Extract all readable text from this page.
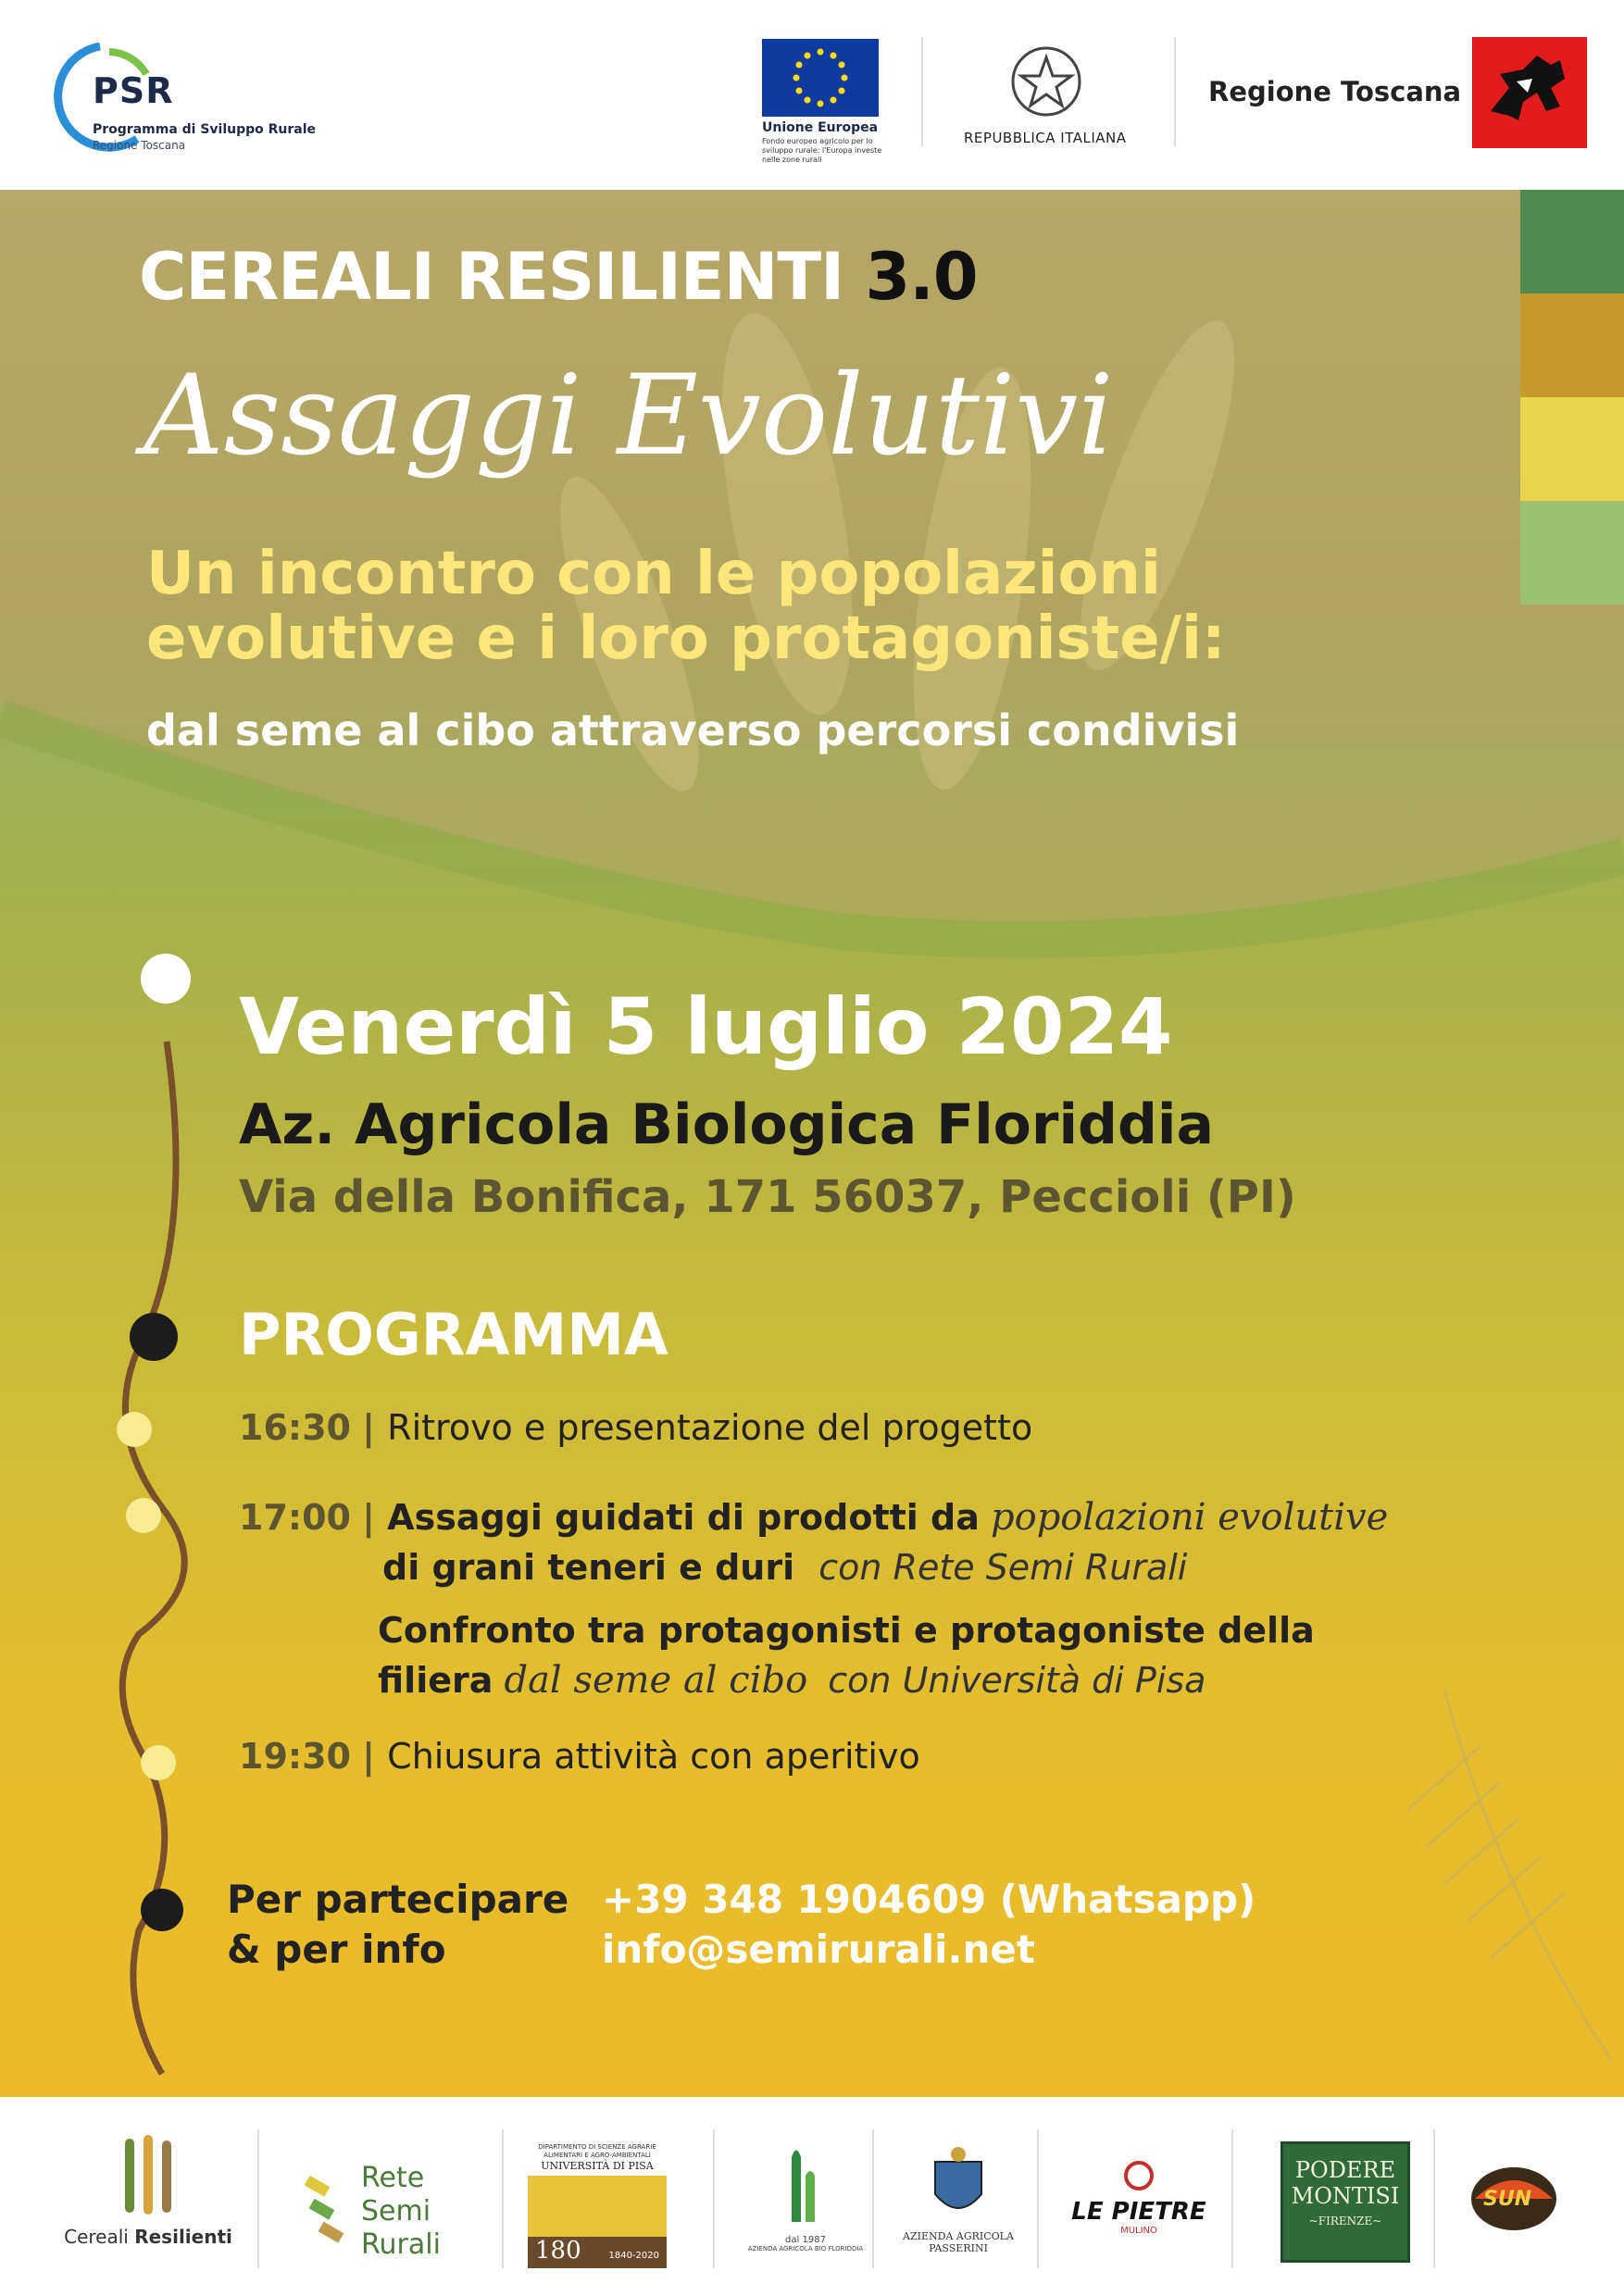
PSR
Programma di Sviluppo Rurale
Regione Toscana
Unione Europea
Fondo europeo agricolo per lo sviluppo rurale: l'Europa investe nelle zone rurali
REPUBBLICA ITALIANA
Regione Toscana
CEREALI RESILIENTI 3.0
Assaggi Evolutivi
Un incontro con le popolazioni
evolutive e i loro protagoniste/i:
dal seme al cibo attraverso percorsi condivisi
Venerdì 5 luglio 2024
Az. Agricola Biologica Floriddia
Via della Bonifica, 171 56037, Peccioli (PI)
PROGRAMMA
16:30 | Ritrovo e presentazione del progetto
17:00 | Assaggi guidati di prodotti da popolazioni evolutive
di grani teneri e duri con Rete Semi Rurali
Confronto tra protagonisti e protagoniste della
filiera dal seme al cibo con Università di Pisa
19:30 | Chiusura attività con aperitivo
Per partecipare
& per info
+39 348 1904609 (Whatsapp)
info@semirurali.net
Cereali Resilienti
Rete
Semi
Rurali
DIPARTIMENTO DI SCIENZE AGRARIE ALIMENTARI E AGRO-AMBIENTALI
UNIVERSITÀ DI PISA
180	1840-2020
dal 1987
AZIENDA AGRICOLA BIO FLORIDDIA
AZIENDA AGRICOLA PASSERINI
LE PIETRE
MULINO
PODERE
MONTISI
~FIRENZE~
SUN
